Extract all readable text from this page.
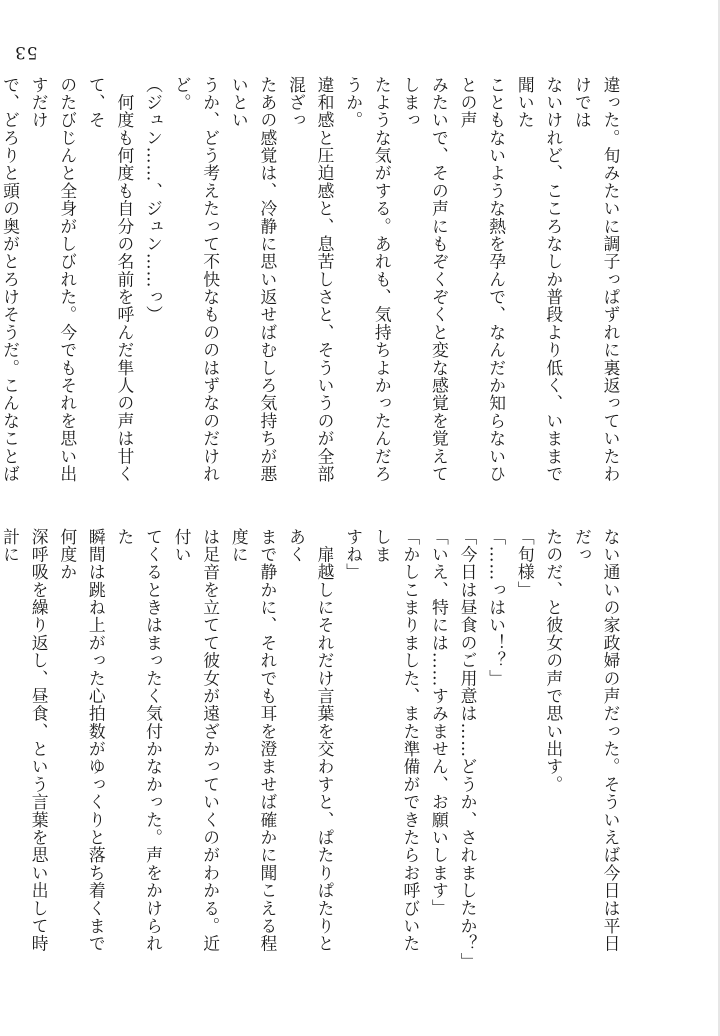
53

違った。旬みたいに調子っぱずれに裏返っていたわけでは

ないけれど、こころなしか普段より低く、いままで聞いた

こともないような熱を孕んで、なんだか知らないひとの声

みたいで、その声にもぞくぞくと変な感覚を覚えてしまっ

たような気がする。あれも、気持ちよかったんだろうか。

違和感と圧迫感と、息苦しさと、そういうのが全部混ざっ

たあの感覚は、冷静に思い返せばむしろ気持ちが悪いとい

うか、どう考えたって不快なもののはずなのだけれど。

（ジュン……、ジュン……っ）

　何度も何度も自分の名前を呼んだ隼人の声は甘くて、そ

のたびじんと全身がしびれた。今でもそれを思い出すだけ

で、どろりと頭の奥がとろけそうだ。こんなことば

ない通いの家政婦の声だった。そういえば今日は平日だっ

たのだ、と彼女の声で思い出す。

「旬様」

「……っはい！？」

「今日は昼食のご用意は……どうか、されましたか？」

「いえ、特には……すみません、お願いします」

「かしこまりました、また準備ができたらお呼びいたしま

すね」

　扉越しにそれだけ言葉を交わすと、ぱたりぱたりとあく

まで静かに、それでも耳を澄ませば確かに聞こえる程度に

は足音を立てて彼女が遠ざかっていくのがわかる。近付い

てくるときはまったく気付かなかった。声をかけられた

瞬間は跳ね上がった心拍数がゆっくりと落ち着くまで何度か

深呼吸を繰り返し、昼食、という言葉を思い出して時計に
